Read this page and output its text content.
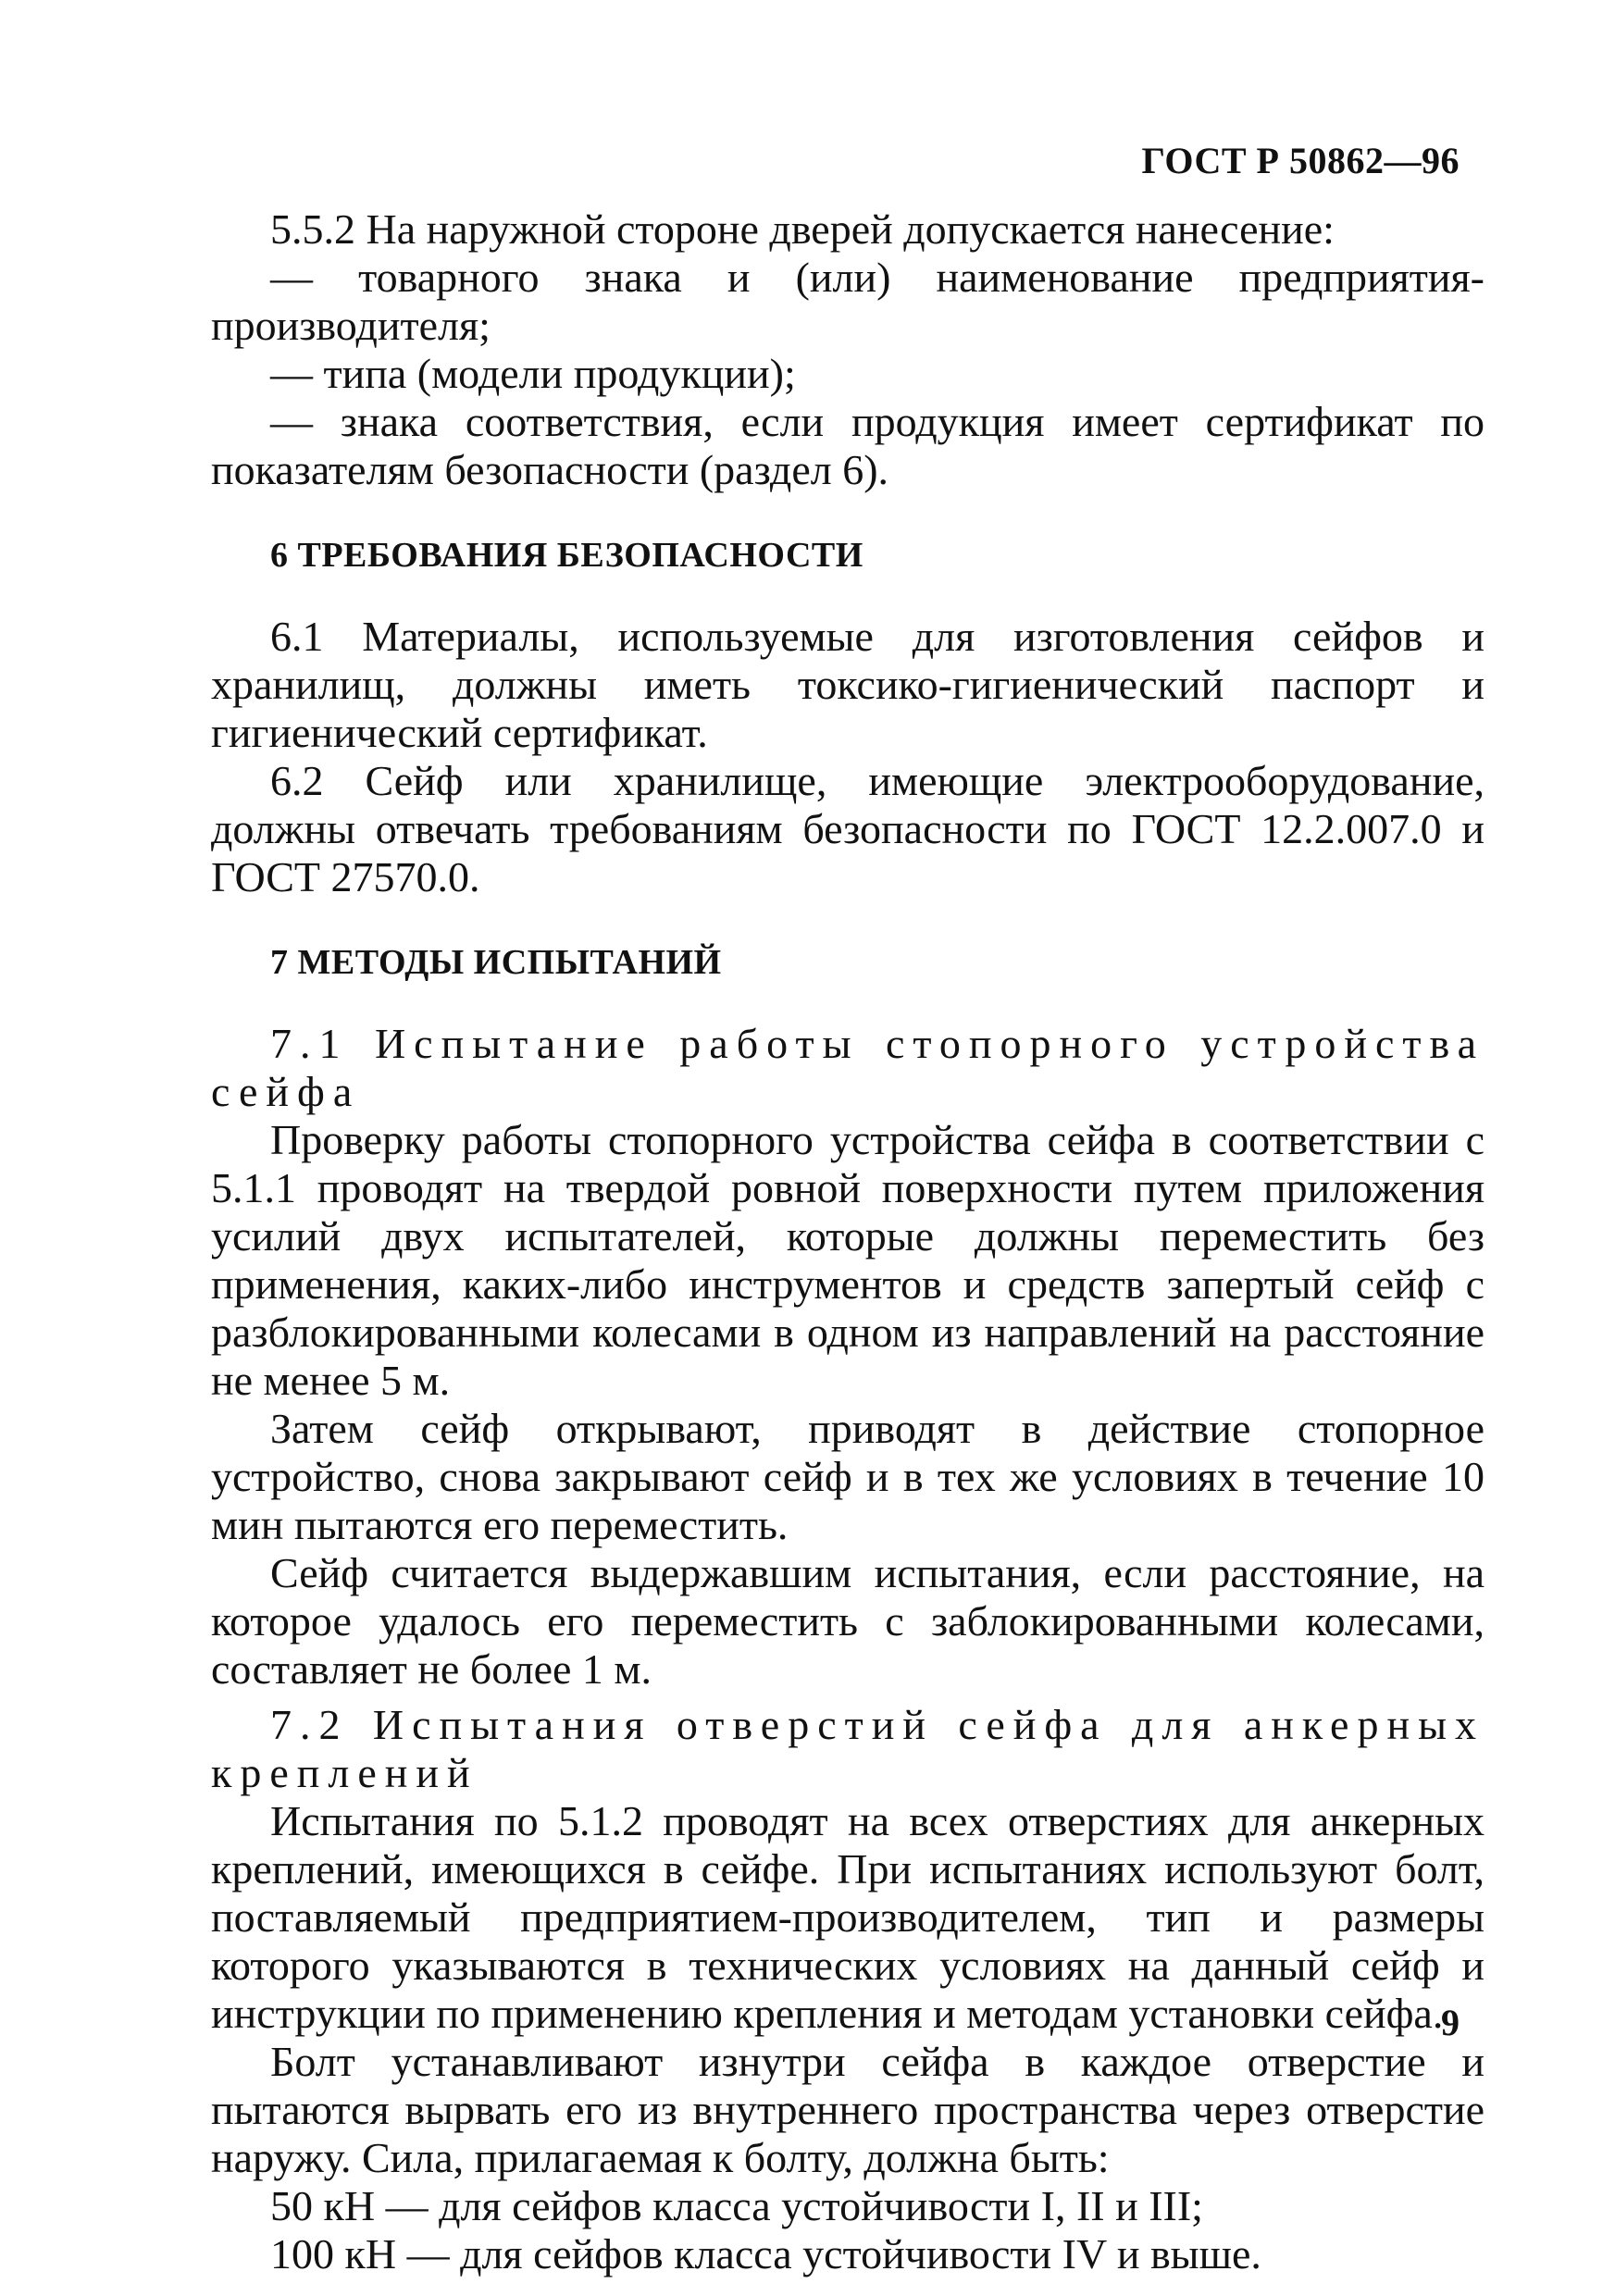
ГОСТ Р 50862—96

5.5.2 На наружной стороне дверей допускается нанесение:

— товарного знака и (или) наименование предприятия-производителя;

— типа (модели продукции);

— знака соответствия, если продукция имеет сертификат по показателям безопасности (раздел 6).

6 ТРЕБОВАНИЯ БЕЗОПАСНОСТИ

6.1 Материалы, используемые для изготовления сейфов и хранилищ, должны иметь токсико-гигиенический паспорт и гигиенический сертификат.

6.2 Сейф или хранилище, имеющие электрооборудование, должны отвечать требованиям безопасности по ГОСТ 12.2.007.0 и ГОСТ 27570.0.

7 МЕТОДЫ ИСПЫТАНИЙ

7.1 Испытание работы стопорного устройства сейфа

Проверку работы стопорного устройства сейфа в соответствии с 5.1.1 проводят на твердой ровной поверхности путем приложения усилий двух испытателей, которые должны переместить без применения, каких-либо инструментов и средств запертый сейф с разблокированными колесами в одном из направлений на расстояние не менее 5 м.

Затем сейф открывают, приводят в действие стопорное устройство, снова закрывают сейф и в тех же условиях в течение 10 мин пытаются его переместить.

Сейф считается выдержавшим испытания, если расстояние, на которое удалось его переместить с заблокированными колесами, составляет не более 1 м.

7.2 Испытания отверстий сейфа для анкерных креплений

Испытания по 5.1.2 проводят на всех отверстиях для анкерных креплений, имеющихся в сейфе. При испытаниях используют болт, поставляемый предприятием-производителем, тип и размеры которого указываются в технических условиях на данный сейф и инструкции по применению крепления и методам установки сейфа.

Болт устанавливают изнутри сейфа в каждое отверстие и пытаются вырвать его из внутреннего пространства через отверстие наружу. Сила, прилагаемая к болту, должна быть:

50 кН — для сейфов класса устойчивости I, II и III;

100 кН — для сейфов класса устойчивости IV и выше.

9
